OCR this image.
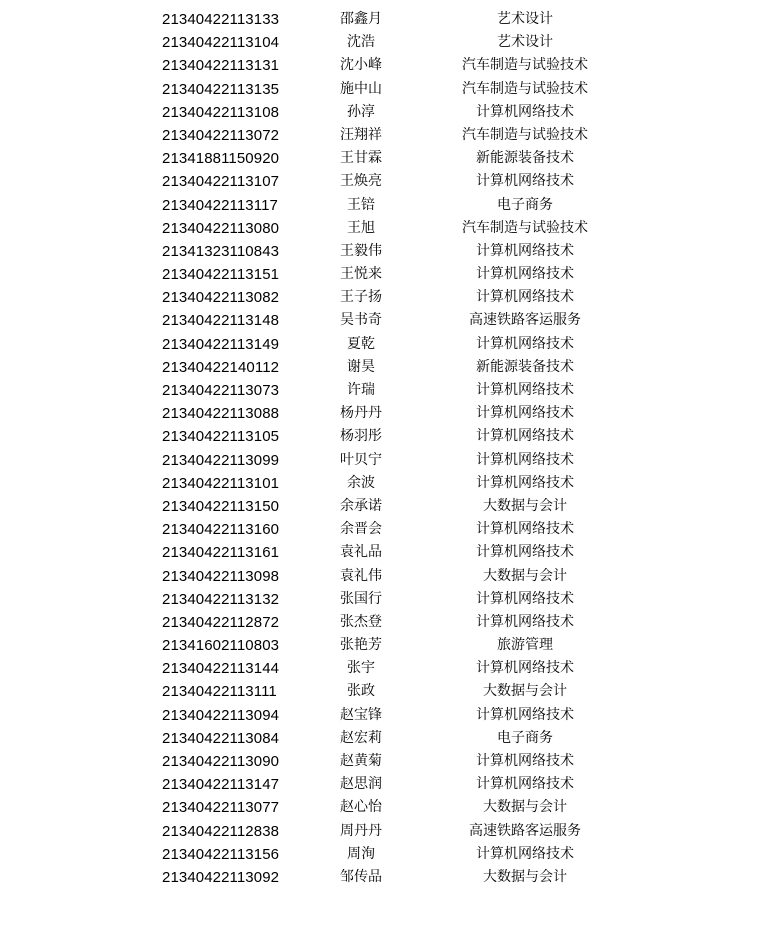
21340422113133	邵鑫月	艺术设计
21340422113104	沈浩	艺术设计
21340422113131	沈小峰	汽车制造与试验技术
21340422113135	施中山	汽车制造与试验技术
21340422113108	孙淳	计算机网络技术
21340422113072	汪翔祥	汽车制造与试验技术
21341881150920	王甘霖	新能源装备技术
21340422113107	王焕亮	计算机网络技术
21340422113117	王锫	电子商务
21340422113080	王旭	汽车制造与试验技术
21341323110843	王毅伟	计算机网络技术
21340422113151	王悦来	计算机网络技术
21340422113082	王子扬	计算机网络技术
21340422113148	吴书奇	高速铁路客运服务
21340422113149	夏乾	计算机网络技术
21340422140112	谢昊	新能源装备技术
21340422113073	许瑞	计算机网络技术
21340422113088	杨丹丹	计算机网络技术
21340422113105	杨羽彤	计算机网络技术
21340422113099	叶贝宁	计算机网络技术
21340422113101	余波	计算机网络技术
21340422113150	余承诺	大数据与会计
21340422113160	余晋会	计算机网络技术
21340422113161	袁礼品	计算机网络技术
21340422113098	袁礼伟	大数据与会计
21340422113132	张国行	计算机网络技术
21340422112872	张杰登	计算机网络技术
21341602110803	张艳芳	旅游管理
21340422113144	张宇	计算机网络技术
21340422113111	张政	大数据与会计
21340422113094	赵宝锋	计算机网络技术
21340422113084	赵宏莉	电子商务
21340422113090	赵黄菊	计算机网络技术
21340422113147	赵思润	计算机网络技术
21340422113077	赵心怡	大数据与会计
21340422112838	周丹丹	高速铁路客运服务
21340422113156	周洵	计算机网络技术
21340422113092	邹传品	大数据与会计
